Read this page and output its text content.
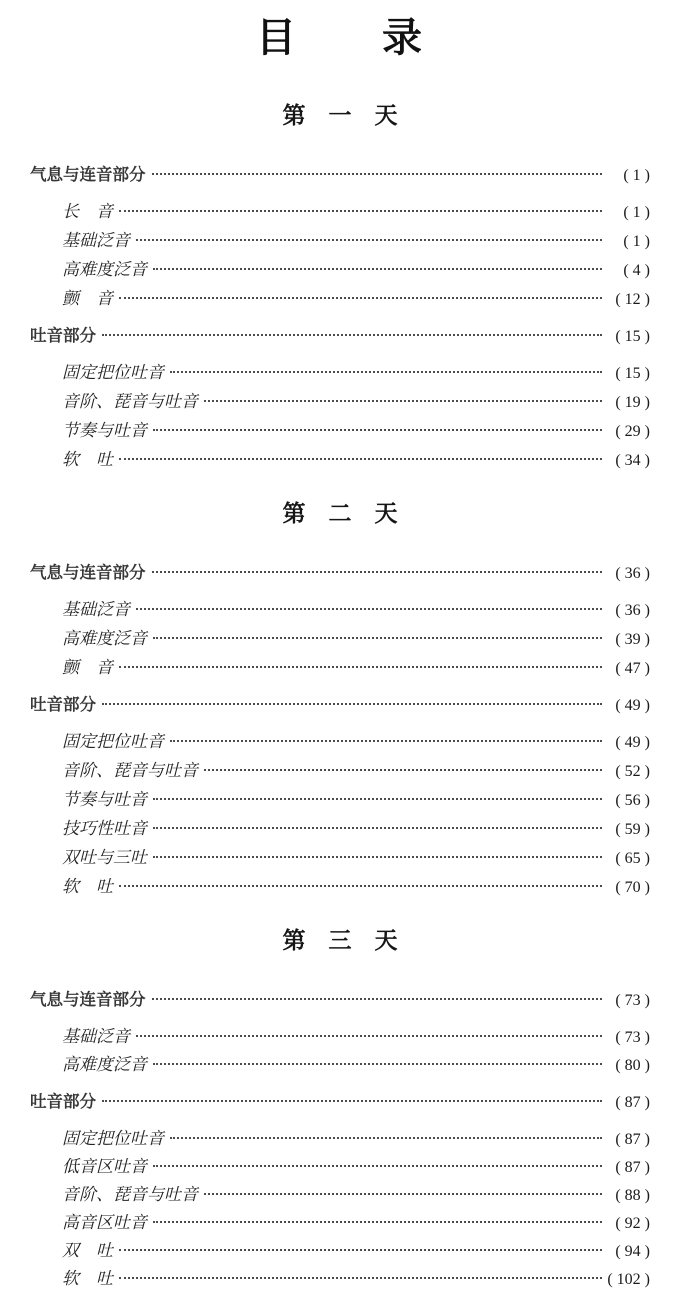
目　　录
第　一　天
气息与连音部分	( 1 )
长　音	( 1 )
基础泛音	( 1 )
高难度泛音	( 4 )
颤　音	( 12 )
吐音部分	( 15 )
固定把位吐音	( 15 )
音阶、琵音与吐音	( 19 )
节奏与吐音	( 29 )
软　吐	( 34 )
第　二　天
气息与连音部分	( 36 )
基础泛音	( 36 )
高难度泛音	( 39 )
颤　音	( 47 )
吐音部分	( 49 )
固定把位吐音	( 49 )
音阶、琵音与吐音	( 52 )
节奏与吐音	( 56 )
技巧性吐音	( 59 )
双吐与三吐	( 65 )
软　吐	( 70 )
第　三　天
气息与连音部分	( 73 )
基础泛音	( 73 )
高难度泛音	( 80 )
吐音部分	( 87 )
固定把位吐音	( 87 )
低音区吐音	( 87 )
音阶、琵音与吐音	( 88 )
高音区吐音	( 92 )
双　吐	( 94 )
软　吐	( 102 )
